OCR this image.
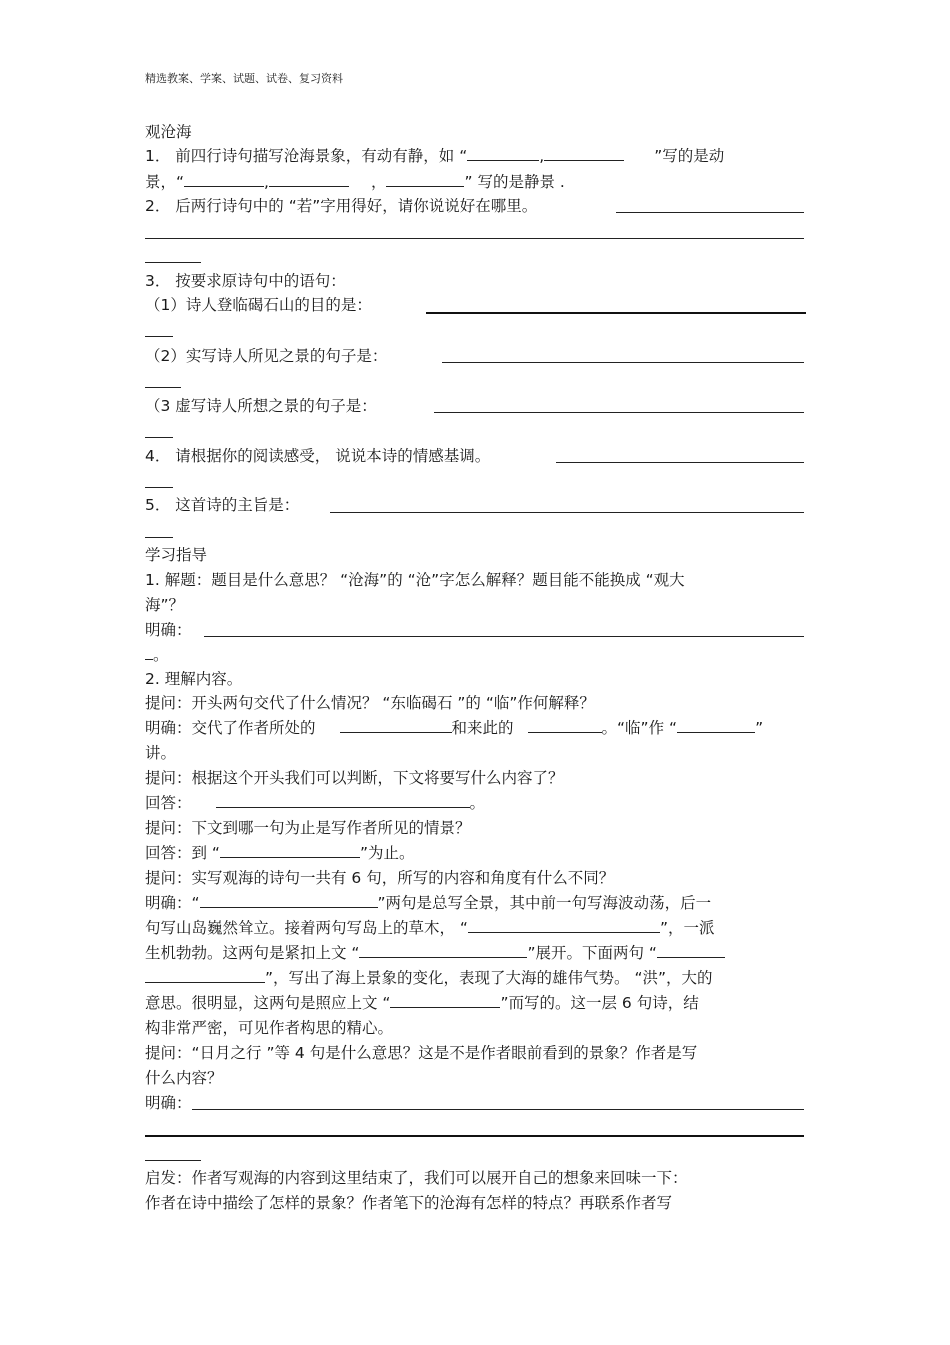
精选教案、学案、试题、试卷、复习资料
观沧海
1． 前四行诗句描写沧海景象，有动有静，如 “	,	”写的是动
景，“	,	，	” 写的是静景 .
2． 后两行诗句中的 “若”字用得好，请你说说好在哪里。
3． 按要求原诗句中的语句：
（1）诗人登临碣石山的目的是：
（2）实写诗人所见之景的句子是：
（3 虚写诗人所想之景的句子是：
4． 请根据你的阅读感受， 说说本诗的情感基调。
5． 这首诗的主旨是：
学习指导
1. 解题：题目是什么意思？ “沧海”的 “沧”字怎么解释？题目能不能换成 “观大
海”？
明确：
。
2. 理解内容。
提问：开头两句交代了什么情况？ “东临碣石 ”的 “临”作何解释？
明确：交代了作者所处的	和来此的	。“临”作 “	”
讲。
提问：根据这个开头我们可以判断，下文将要写什么内容了？
回答：	。
提问：下文到哪一句为止是写作者所见的情景？
回答：到 “	”为止。
提问：实写观海的诗句一共有 6 句，所写的内容和角度有什么不同？
明确：“	”两句是总写全景，其中前一句写海波动荡，后一
句写山岛巍然耸立。接着两句写岛上的草木， “	”，一派
生机勃勃。这两句是紧扣上文 “	”展开。下面两句 “
”，写出了海上景象的变化，表现了大海的雄伟气势。 “洪”，大的
意思。很明显，这两句是照应上文 “	”而写的。这一层 6 句诗，结
构非常严密，可见作者构思的精心。
提问：“日月之行 ”等 4 句是什么意思？这是不是作者眼前看到的景象？作者是写
什么内容？
明确：
启发：作者写观海的内容到这里结束了，我们可以展开自己的想象来回味一下：
作者在诗中描绘了怎样的景象？作者笔下的沧海有怎样的特点？再联系作者写
